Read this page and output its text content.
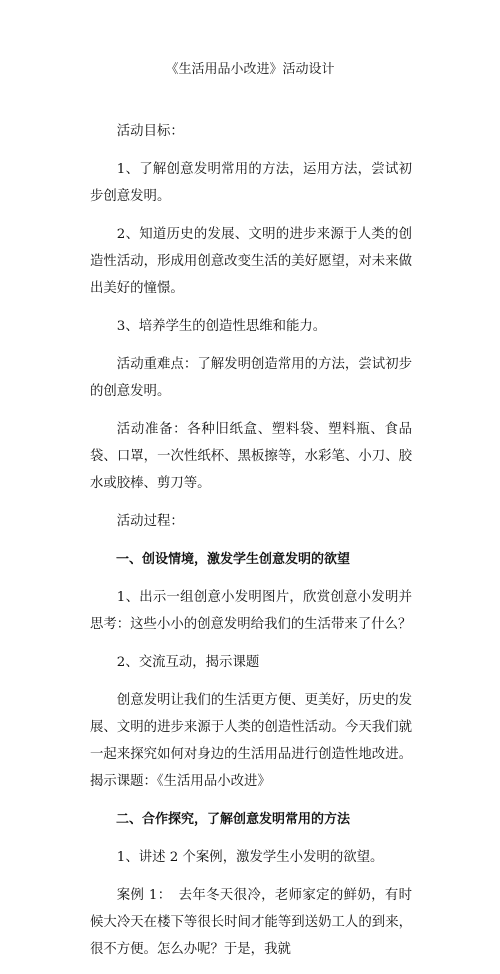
《生活用品小改进》活动设计

活动目标：

1、了解创意发明常用的方法，运用方法，尝试初步创意发明。

2、知道历史的发展、文明的进步来源于人类的创造性活动，形成用创意改变生活的美好愿望，对未来做出美好的憧憬。

3、培养学生的创造性思维和能力。

活动重难点：了解发明创造常用的方法，尝试初步的创意发明。

活动准备：各种旧纸盒、塑料袋、塑料瓶、食品袋、口罩，一次性纸杯、黑板擦等，水彩笔、小刀、胶水或胶棒、剪刀等。

活动过程：

一、创设情境，激发学生创意发明的欲望

1、出示一组创意小发明图片，欣赏创意小发明并思考：这些小小的创意发明给我们的生活带来了什么？

2、交流互动，揭示课题

创意发明让我们的生活更方便、更美好，历史的发展、文明的进步来源于人类的创造性活动。今天我们就一起来探究如何对身边的生活用品进行创造性地改进。揭示课题：《生活用品小改进》

二、合作探究，了解创意发明常用的方法

1、讲述 2 个案例，激发学生小发明的欲望。

案例 1：　去年冬天很冷，老师家定的鲜奶，有时候大冷天在楼下等很长时间才能等到送奶工人的到来，很不方便。怎么办呢？于是，我就
